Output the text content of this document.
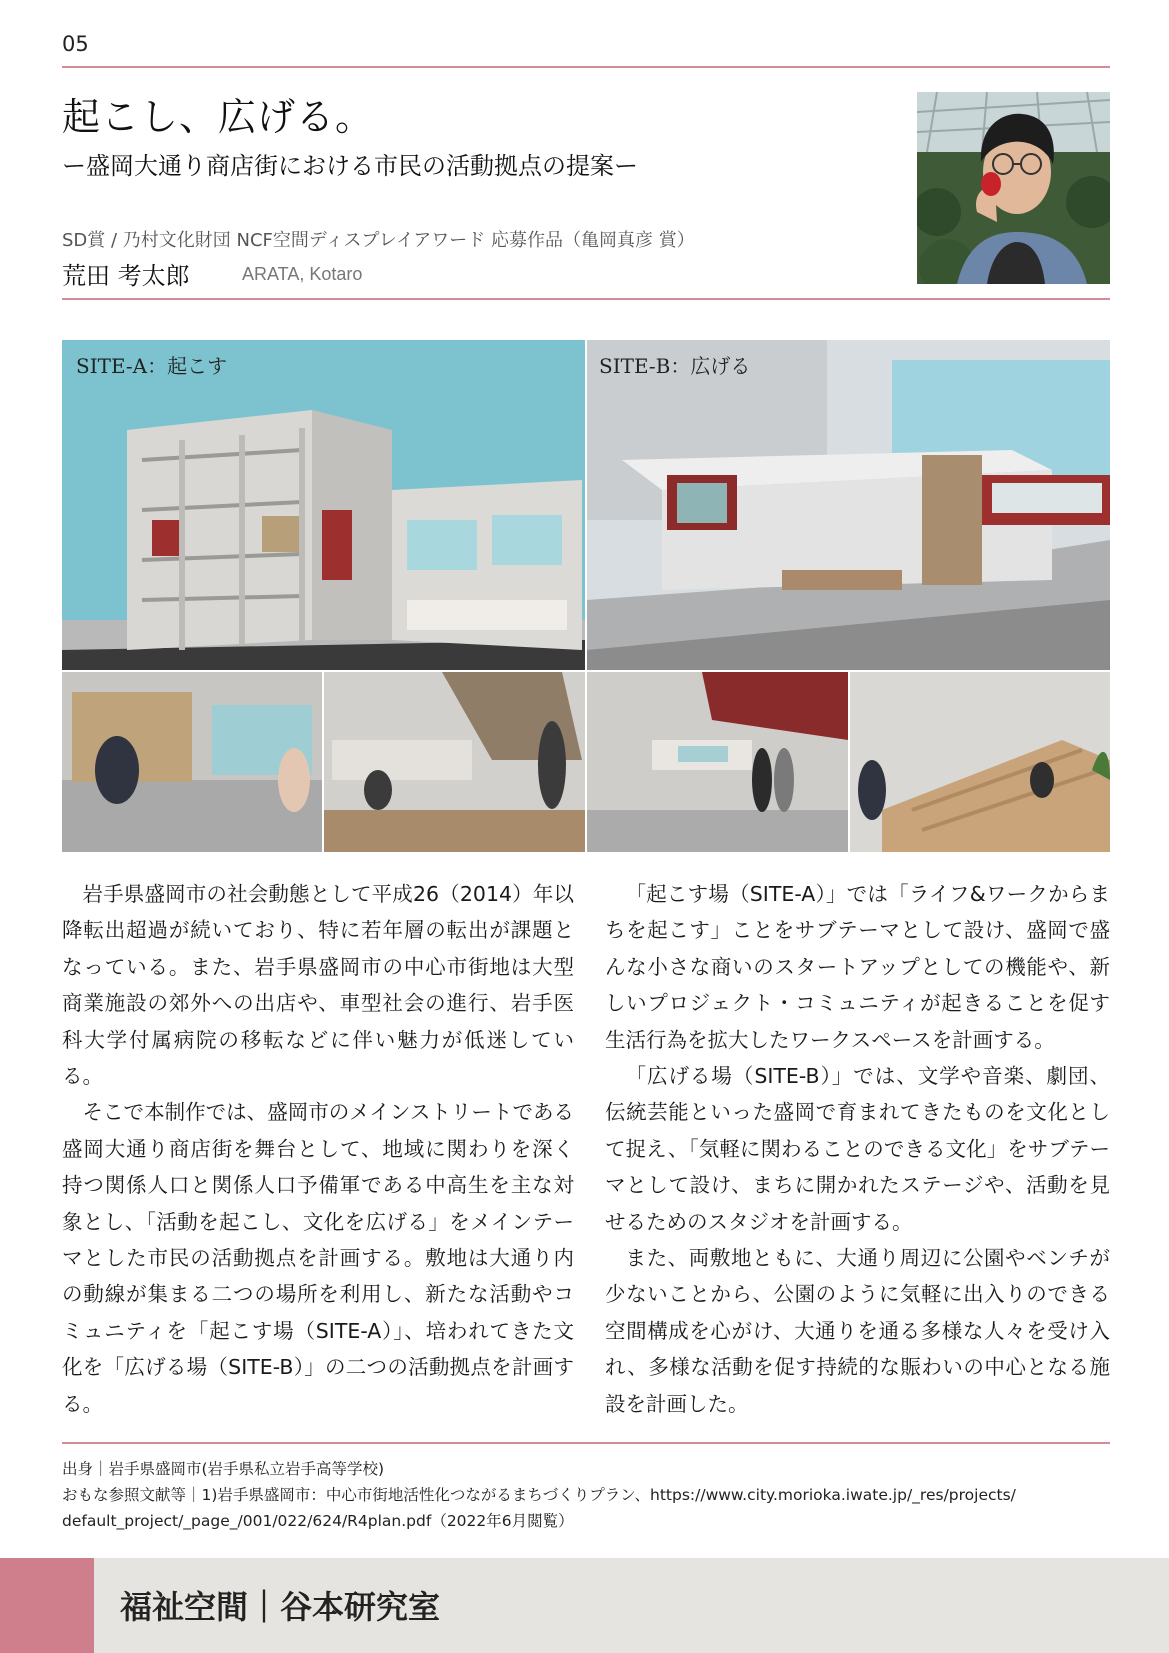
05
起こし、広げる。
ー盛岡大通り商店街における市民の活動拠点の提案ー
SD賞 / 乃村文化財団 NCF空間ディスプレイアワード 応募作品（亀岡真彦 賞）
荒田 考太郎	ARATA, Kotaro
SITE-A：起こす	SITE-B：広げる

岩手県盛岡市の社会動態として平成26（2014）年以降転出超過が続いており、特に若年層の転出が課題となっている。また、岩手県盛岡市の中心市街地は大型商業施設の郊外への出店や、車型社会の進行、岩手医科大学付属病院の移転などに伴い魅力が低迷している。

そこで本制作では、盛岡市のメインストリートである盛岡大通り商店街を舞台として、地域に関わりを深く持つ関係人口と関係人口予備軍である中高生を主な対象とし、「活動を起こし、文化を広げる」をメインテーマとした市民の活動拠点を計画する。敷地は大通り内の動線が集まる二つの場所を利用し、新たな活動やコミュニティを「起こす場（SITE-A）」、培われてきた文化を「広げる場（SITE-B）」の二つの活動拠点を計画する。

「起こす場（SITE-A）」では「ライフ&ワークからまちを起こす」ことをサブテーマとして設け、盛岡で盛んな小さな商いのスタートアップとしての機能や、新しいプロジェクト・コミュニティが起きることを促す生活行為を拡大したワークスペースを計画する。

「広げる場（SITE-B）」では、文学や音楽、劇団、伝統芸能といった盛岡で育まれてきたものを文化として捉え、「気軽に関わることのできる文化」をサブテーマとして設け、まちに開かれたステージや、活動を見せるためのスタジオを計画する。

また、両敷地ともに、大通り周辺に公園やベンチが少ないことから、公園のように気軽に出入りのできる空間構成を心がけ、大通りを通る多様な人々を受け入れ、多様な活動を促す持続的な賑わいの中心となる施設を計画した。

出身｜岩手県盛岡市(岩手県私立岩手高等学校)
おもな参照文献等｜1)岩手県盛岡市：中心市街地活性化つながるまちづくりプラン、https://www.city.morioka.iwate.jp/_res/projects/
default_project/_page_/001/022/624/R4plan.pdf（2022年6月閲覧）
福祉空間｜谷本研究室
